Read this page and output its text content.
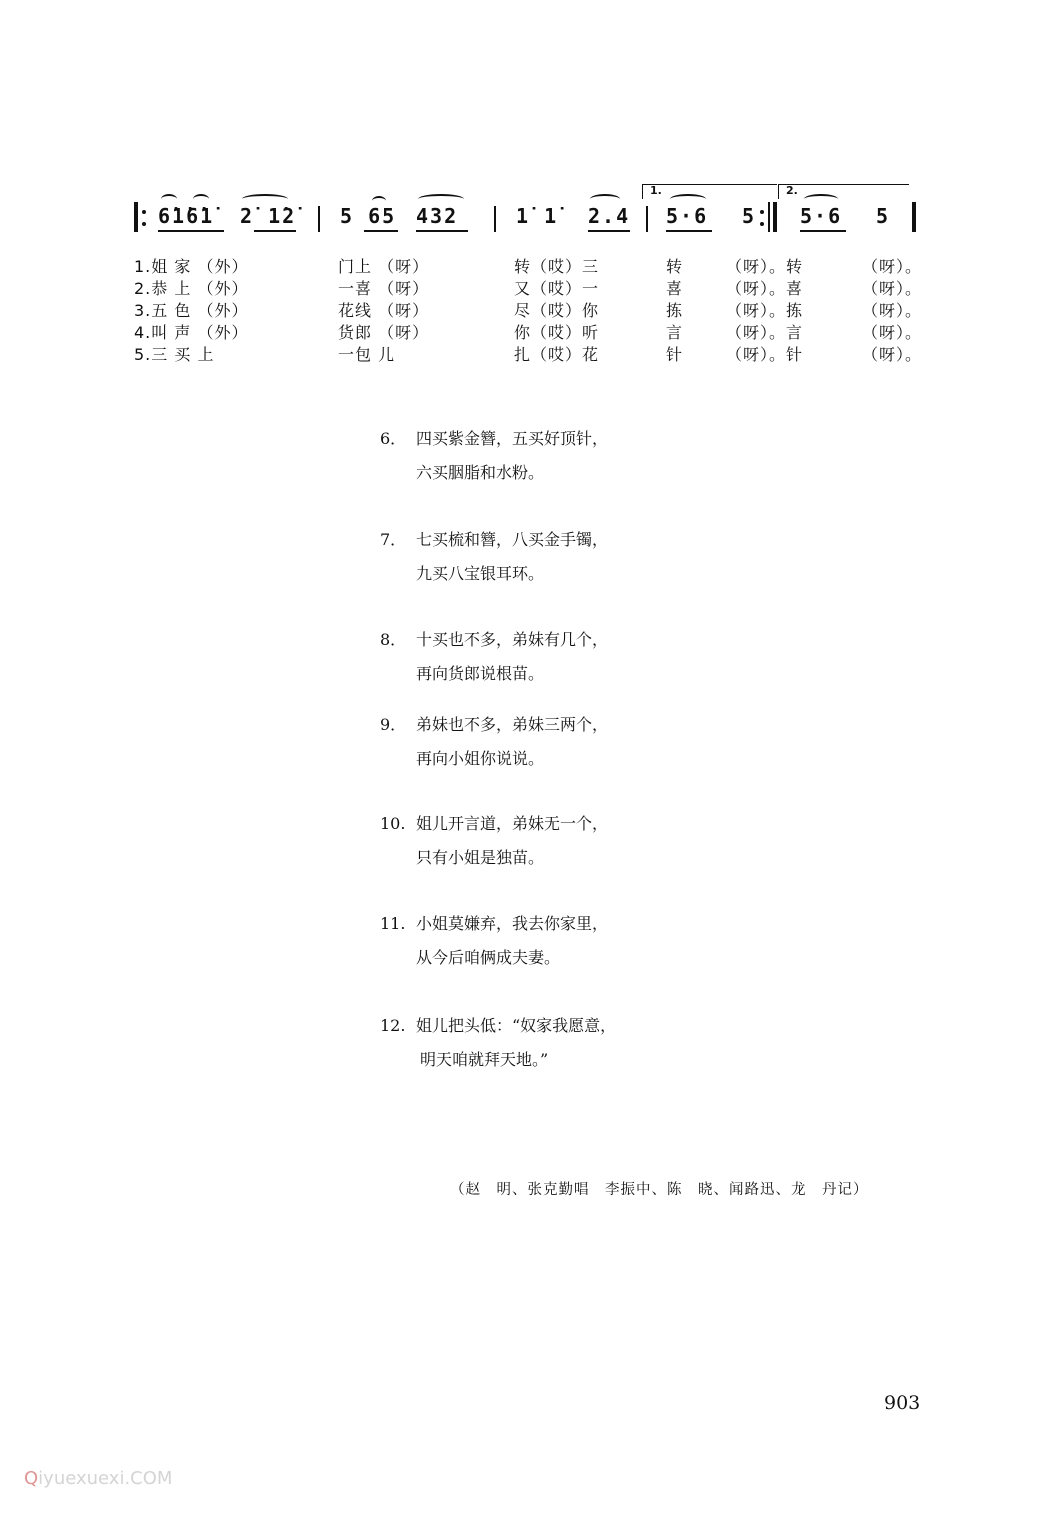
6̇1̇6̇1̇ 2̇ 1̇2̇ 5 65 432	1̇ 1̇ 2.4
1.
5·6 5
2.
5·6 5
1.姐 家 （外）	门上 （呀）	转（哎）三	转	（呀）。转	（呀）。
2.恭 上 （外）	一喜 （呀）	又（哎）一	喜	（呀）。喜	（呀）。
3.五 色 （外）	花线 （呀）	尽（哎）你	拣	（呀）。拣	（呀）。
4.叫 声 （外）	货郎 （呀）	你（哎）听	言	（呀）。言	（呀）。
5.三 买 上	一包 儿	扎（哎）花	针	（呀）。针	（呀）。
6． 四买紫金簪，五买好顶针，
六买胭脂和水粉。
7． 七买梳和簪，八买金手镯，
九买八宝银耳环。
8． 十买也不多，弟妹有几个，
再向货郎说根苗。
9． 弟妹也不多，弟妹三两个，
再向小姐你说说。
10. 姐儿开言道，弟妹无一个，
只有小姐是独苗。
11. 小姐莫嫌弃，我去你家里，
从今后咱俩成夫妻。
12. 姐儿把头低：“奴家我愿意，
明天咱就拜天地。”
（赵　明、张克勤唱　李振中、陈　晓、闻路迅、龙　丹记）
903
Qiyuexuexi.COM
